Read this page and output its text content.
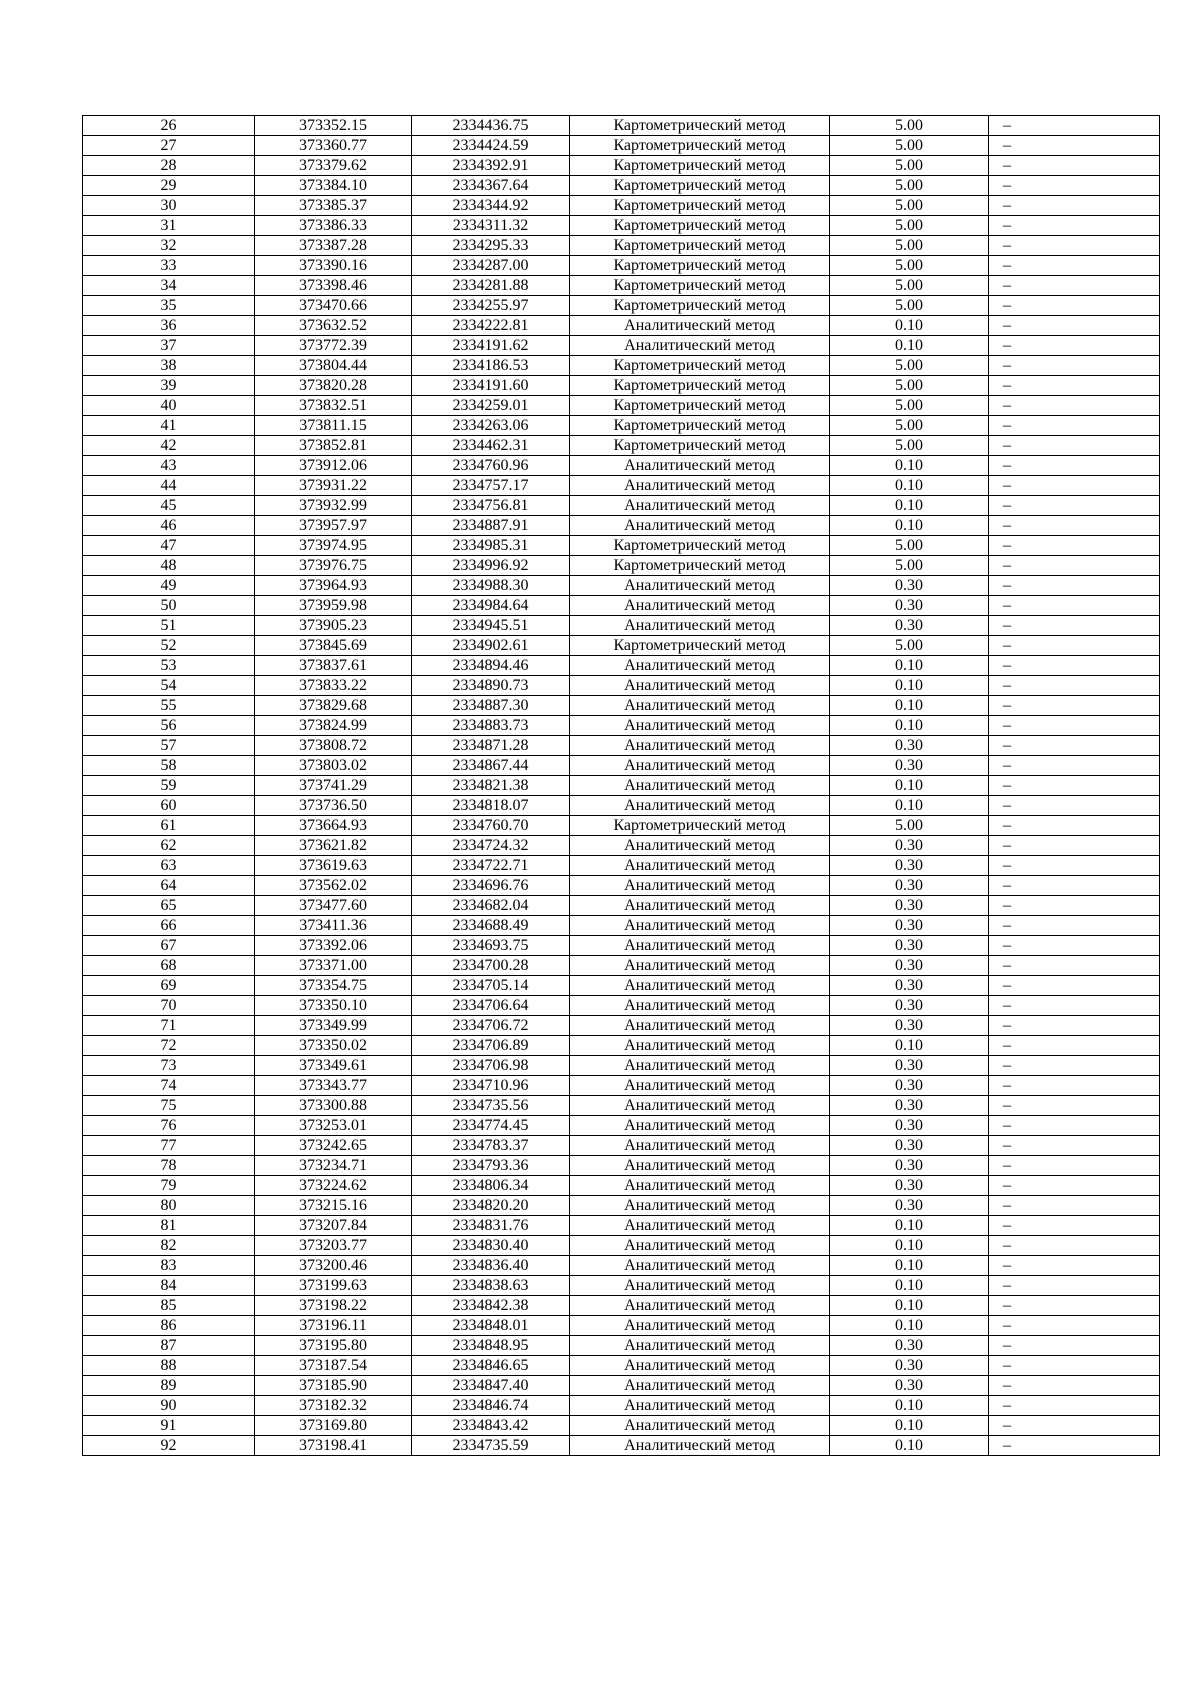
26	373352.15	2334436.75	Картометрический метод	5.00	–
27	373360.77	2334424.59	Картометрический метод	5.00	–
28	373379.62	2334392.91	Картометрический метод	5.00	–
29	373384.10	2334367.64	Картометрический метод	5.00	–
30	373385.37	2334344.92	Картометрический метод	5.00	–
31	373386.33	2334311.32	Картометрический метод	5.00	–
32	373387.28	2334295.33	Картометрический метод	5.00	–
33	373390.16	2334287.00	Картометрический метод	5.00	–
34	373398.46	2334281.88	Картометрический метод	5.00	–
35	373470.66	2334255.97	Картометрический метод	5.00	–
36	373632.52	2334222.81	Аналитический метод	0.10	–
37	373772.39	2334191.62	Аналитический метод	0.10	–
38	373804.44	2334186.53	Картометрический метод	5.00	–
39	373820.28	2334191.60	Картометрический метод	5.00	–
40	373832.51	2334259.01	Картометрический метод	5.00	–
41	373811.15	2334263.06	Картометрический метод	5.00	–
42	373852.81	2334462.31	Картометрический метод	5.00	–
43	373912.06	2334760.96	Аналитический метод	0.10	–
44	373931.22	2334757.17	Аналитический метод	0.10	–
45	373932.99	2334756.81	Аналитический метод	0.10	–
46	373957.97	2334887.91	Аналитический метод	0.10	–
47	373974.95	2334985.31	Картометрический метод	5.00	–
48	373976.75	2334996.92	Картометрический метод	5.00	–
49	373964.93	2334988.30	Аналитический метод	0.30	–
50	373959.98	2334984.64	Аналитический метод	0.30	–
51	373905.23	2334945.51	Аналитический метод	0.30	–
52	373845.69	2334902.61	Картометрический метод	5.00	–
53	373837.61	2334894.46	Аналитический метод	0.10	–
54	373833.22	2334890.73	Аналитический метод	0.10	–
55	373829.68	2334887.30	Аналитический метод	0.10	–
56	373824.99	2334883.73	Аналитический метод	0.10	–
57	373808.72	2334871.28	Аналитический метод	0.30	–
58	373803.02	2334867.44	Аналитический метод	0.30	–
59	373741.29	2334821.38	Аналитический метод	0.10	–
60	373736.50	2334818.07	Аналитический метод	0.10	–
61	373664.93	2334760.70	Картометрический метод	5.00	–
62	373621.82	2334724.32	Аналитический метод	0.30	–
63	373619.63	2334722.71	Аналитический метод	0.30	–
64	373562.02	2334696.76	Аналитический метод	0.30	–
65	373477.60	2334682.04	Аналитический метод	0.30	–
66	373411.36	2334688.49	Аналитический метод	0.30	–
67	373392.06	2334693.75	Аналитический метод	0.30	–
68	373371.00	2334700.28	Аналитический метод	0.30	–
69	373354.75	2334705.14	Аналитический метод	0.30	–
70	373350.10	2334706.64	Аналитический метод	0.30	–
71	373349.99	2334706.72	Аналитический метод	0.30	–
72	373350.02	2334706.89	Аналитический метод	0.10	–
73	373349.61	2334706.98	Аналитический метод	0.30	–
74	373343.77	2334710.96	Аналитический метод	0.30	–
75	373300.88	2334735.56	Аналитический метод	0.30	–
76	373253.01	2334774.45	Аналитический метод	0.30	–
77	373242.65	2334783.37	Аналитический метод	0.30	–
78	373234.71	2334793.36	Аналитический метод	0.30	–
79	373224.62	2334806.34	Аналитический метод	0.30	–
80	373215.16	2334820.20	Аналитический метод	0.30	–
81	373207.84	2334831.76	Аналитический метод	0.10	–
82	373203.77	2334830.40	Аналитический метод	0.10	–
83	373200.46	2334836.40	Аналитический метод	0.10	–
84	373199.63	2334838.63	Аналитический метод	0.10	–
85	373198.22	2334842.38	Аналитический метод	0.10	–
86	373196.11	2334848.01	Аналитический метод	0.10	–
87	373195.80	2334848.95	Аналитический метод	0.30	–
88	373187.54	2334846.65	Аналитический метод	0.30	–
89	373185.90	2334847.40	Аналитический метод	0.30	–
90	373182.32	2334846.74	Аналитический метод	0.10	–
91	373169.80	2334843.42	Аналитический метод	0.10	–
92	373198.41	2334735.59	Аналитический метод	0.10	–
